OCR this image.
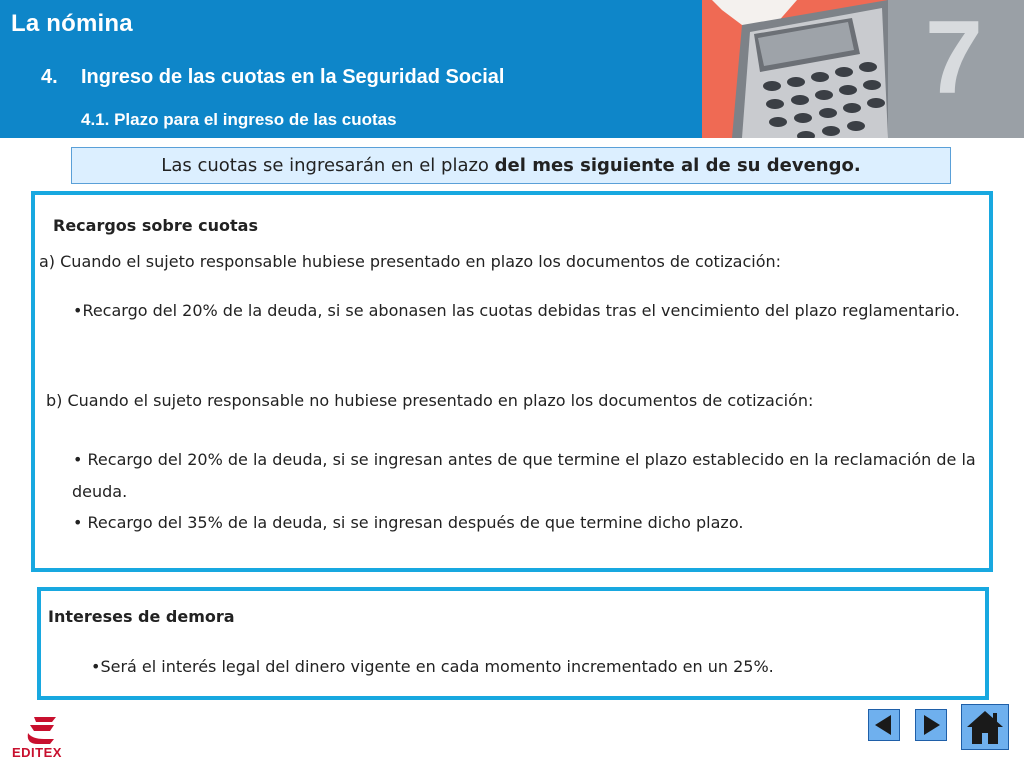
La nómina
4. Ingreso de las cuotas en la Seguridad Social
4.1. Plazo para el ingreso de las cuotas
7
Las cuotas se ingresarán en el plazo del mes siguiente al de su devengo.
Recargos sobre cuotas
a) Cuando el sujeto responsable hubiese presentado en plazo los documentos de cotización:
•Recargo del 20% de la deuda, si se abonasen las cuotas debidas tras el vencimiento del plazo reglamentario.
b) Cuando el sujeto responsable no hubiese presentado en plazo los documentos de cotización:
• Recargo del 20% de la deuda, si se ingresan antes de que termine el plazo establecido en la reclamación de la
deuda.
• Recargo del 35% de la deuda, si se ingresan después de que termine dicho plazo.
Intereses de demora
•Será el interés legal del dinero vigente en cada momento incrementado en un 25%.
EDITEX
